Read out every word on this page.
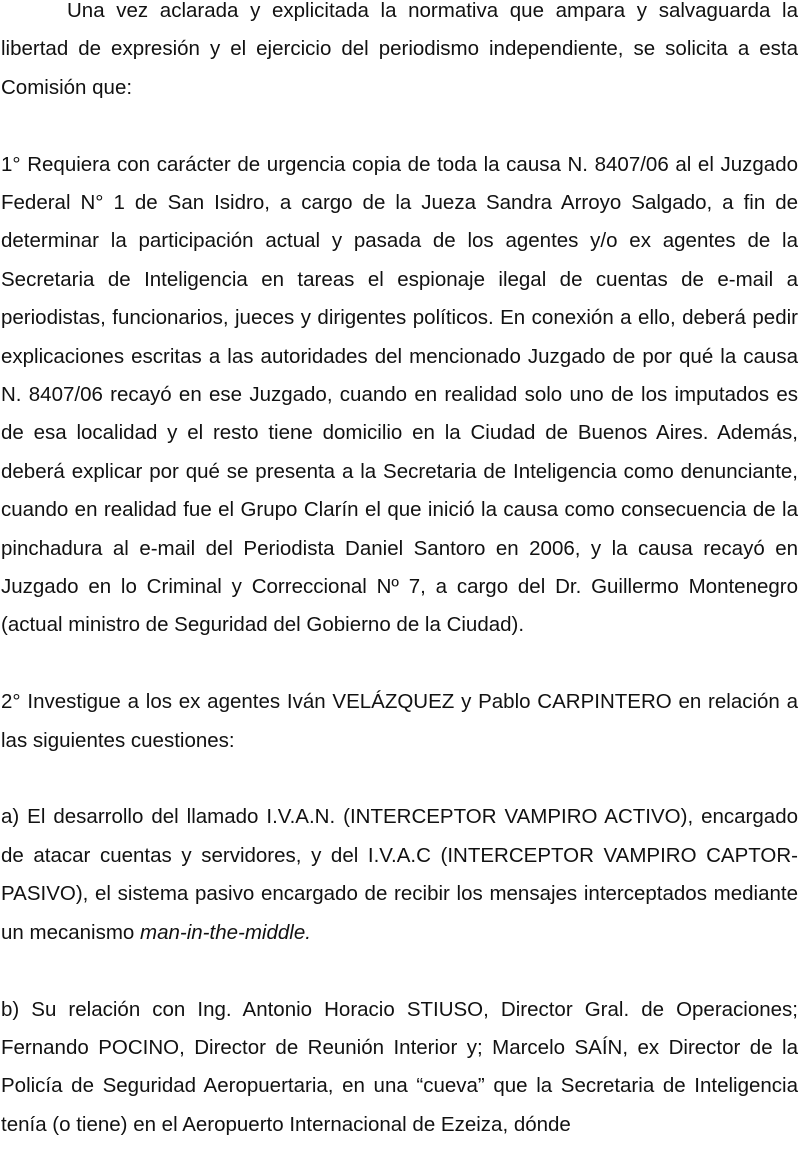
Una vez aclarada y explicitada la normativa que ampara y salvaguarda la libertad de expresión y el ejercicio del periodismo independiente, se solicita a esta Comisión que:

1° Requiera con carácter de urgencia copia de toda la causa N. 8407/06 al el Juzgado Federal N° 1 de San Isidro, a cargo de la Jueza Sandra Arroyo Salgado, a fin de determinar la participación actual y pasada de los agentes y/o ex agentes de la Secretaria de Inteligencia en tareas el espionaje ilegal de cuentas de e-mail a periodistas, funcionarios, jueces y dirigentes políticos. En conexión a ello, deberá pedir explicaciones escritas a las autoridades del mencionado Juzgado de por qué la causa N. 8407/06 recayó en ese Juzgado, cuando en realidad solo uno de los imputados es de esa localidad y el resto tiene domicilio en la Ciudad de Buenos Aires. Además, deberá explicar por qué se presenta a la Secretaria de Inteligencia como denunciante, cuando en realidad fue el Grupo Clarín el que inició la causa como consecuencia de la pinchadura al e-mail del Periodista Daniel Santoro en 2006, y la causa recayó en Juzgado en lo Criminal y Correccional Nº 7, a cargo del Dr. Guillermo Montenegro (actual ministro de Seguridad del Gobierno de la Ciudad).

2° Investigue a los ex agentes Iván VELÁZQUEZ y Pablo CARPINTERO en relación a las siguientes cuestiones:

a) El desarrollo del llamado I.V.A.N. (INTERCEPTOR VAMPIRO ACTIVO), encargado de atacar cuentas y servidores, y del I.V.A.C (INTERCEPTOR VAMPIRO CAPTOR-PASIVO), el sistema pasivo encargado de recibir los mensajes interceptados mediante un mecanismo man-in-the-middle.

b) Su relación con Ing. Antonio Horacio STIUSO, Director Gral. de Operaciones; Fernando POCINO, Director de Reunión Interior y; Marcelo SAÍN, ex Director de la Policía de Seguridad Aeropuertaria, en una “cueva” que la Secretaria de Inteligencia tenía (o tiene) en el Aeropuerto Internacional de Ezeiza, dónde
